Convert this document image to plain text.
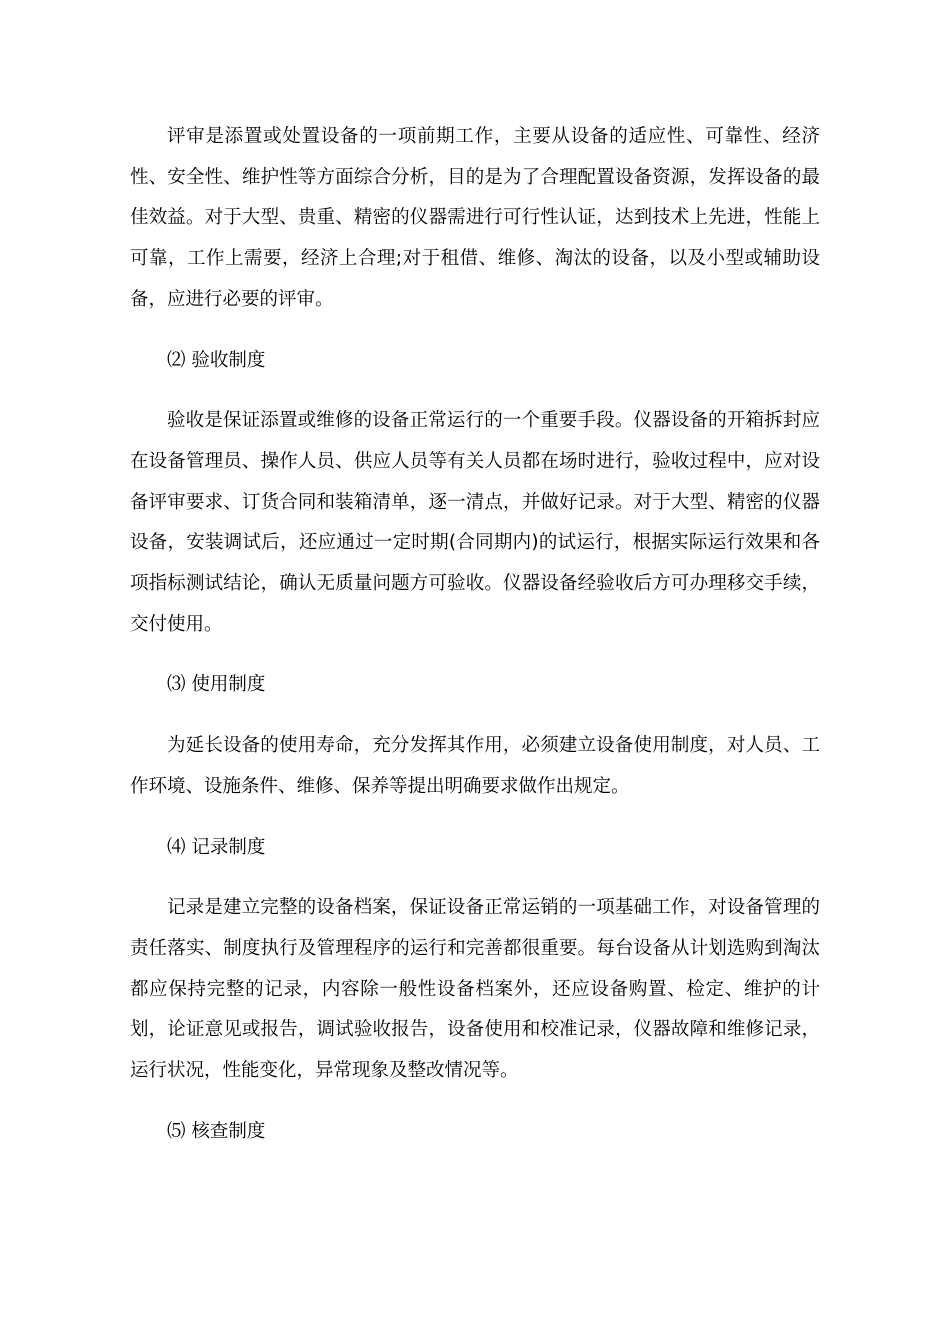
评审是添置或处置设备的一项前期工作，主要从设备的适应性、可靠性、经济性、安全性、维护性等方面综合分析，目的是为了合理配置设备资源，发挥设备的最佳效益。对于大型、贵重、精密的仪器需进行可行性认证，达到技术上先进，性能上可靠，工作上需要，经济上合理;对于租借、维修、淘汰的设备，以及小型或辅助设备，应进行必要的评审。

⑵ 验收制度

验收是保证添置或维修的设备正常运行的一个重要手段。仪器设备的开箱拆封应在设备管理员、操作人员、供应人员等有关人员都在场时进行，验收过程中，应对设备评审要求、订货合同和装箱清单，逐一清点，并做好记录。对于大型、精密的仪器设备，安装调试后，还应通过一定时期(合同期内)的试运行，根据实际运行效果和各项指标测试结论，确认无质量问题方可验收。仪器设备经验收后方可办理移交手续，交付使用。

⑶ 使用制度

为延长设备的使用寿命，充分发挥其作用，必须建立设备使用制度，对人员、工作环境、设施条件、维修、保养等提出明确要求做作出规定。

⑷ 记录制度

记录是建立完整的设备档案，保证设备正常运销的一项基础工作，对设备管理的责任落实、制度执行及管理程序的运行和完善都很重要。每台设备从计划选购到淘汰都应保持完整的记录，内容除一般性设备档案外，还应设备购置、检定、维护的计划，论证意见或报告，调试验收报告，设备使用和校准记录，仪器故障和维修记录，运行状况，性能变化，异常现象及整改情况等。

⑸ 核查制度
